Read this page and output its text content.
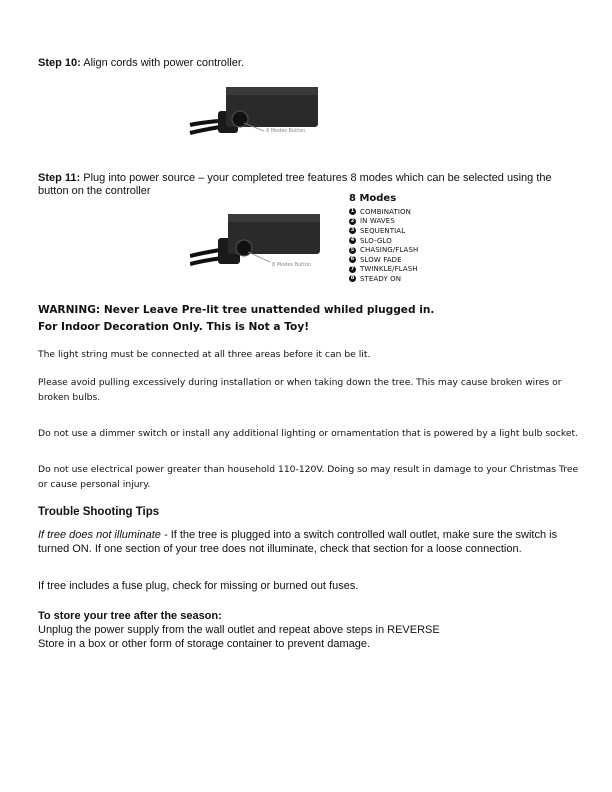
Step 10: Align cords with power controller.
8 Modes Button
Step 11: Plug into power source – your completed tree features 8 modes which can be selected using the button on the controller
8 Modes Button
8 Modes
1 COMBINATION
2 IN WAVES
3 SEQUENTIAL
4 SLO-GLO
5 CHASING/FLASH
6 SLOW FADE
7 TWINKLE/FLASH
8 STEADY ON
WARNING: Never Leave Pre-lit tree unattended whiled plugged in.
For Indoor Decoration Only. This is Not a Toy!
The light string must be connected at all three areas before it can be lit.
Please avoid pulling excessively during installation or when taking down the tree. This may cause broken wires or broken bulbs.
Do not use a dimmer switch or install any additional lighting or ornamentation that is powered by a light bulb socket.
Do not use electrical power greater than household 110-120V. Doing so may result in damage to your Christmas Tree or cause personal injury.
Trouble Shooting Tips
If tree does not illuminate - If the tree is plugged into a switch controlled wall outlet, make sure the switch is turned ON. If one section of your tree does not illuminate, check that section for a loose connection.
If tree includes a fuse plug, check for missing or burned out fuses.
To store your tree after the season:
Unplug the power supply from the wall outlet and repeat above steps in REVERSE
Store in a box or other form of storage container to prevent damage.
